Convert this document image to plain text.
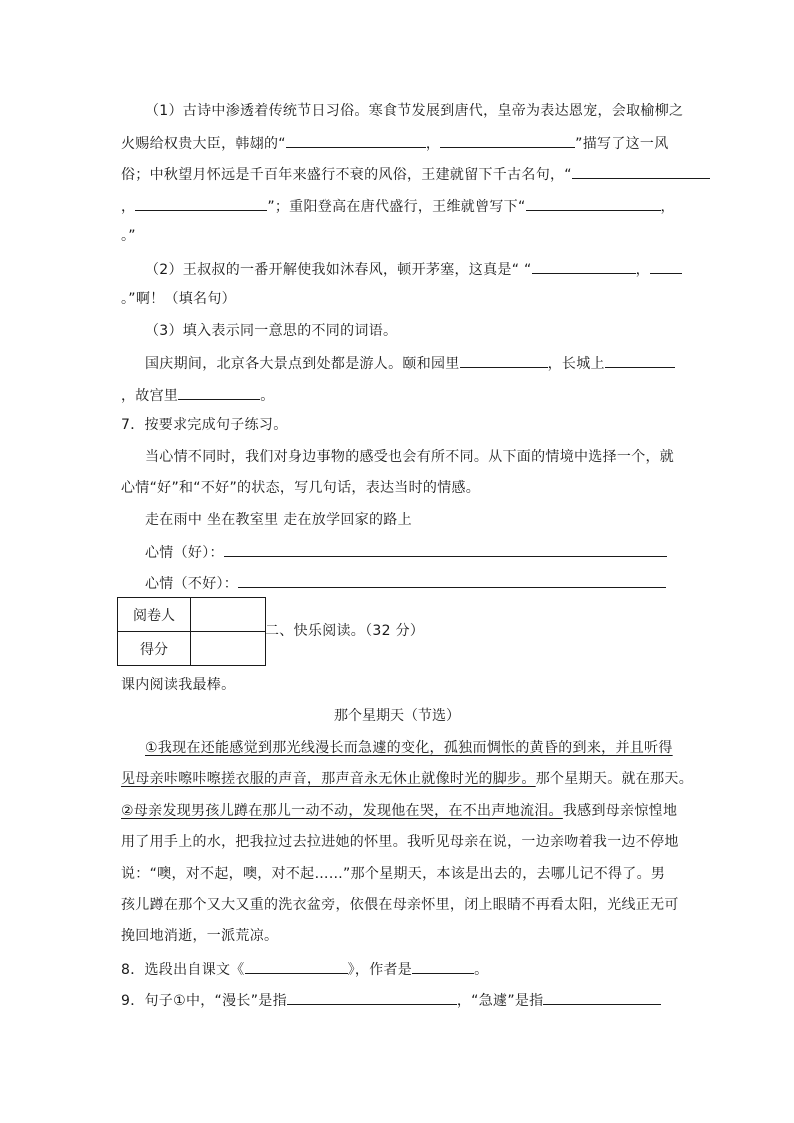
（1）古诗中渗透着传统节日习俗。寒食节发展到唐代，皇帝为表达恩宠，会取榆柳之
火赐给权贵大臣，韩翃的“	，	”描写了这一风
俗；中秋望月怀远是千百年来盛行不衰的风俗，王建就留下千古名句，“
，	”；重阳登高在唐代盛行，王维就曾写下“	，
。”
（2）王叔叔的一番开解使我如沐春风，顿开茅塞，这真是“ “	，
。”啊！（填名句）
（3）填入表示同一意思的不同的词语。
国庆期间，北京各大景点到处都是游人。颐和园里	，长城上
，故宫里	。
7．按要求完成句子练习。
当心情不同时，我们对身边事物的感受也会有所不同。从下面的情境中选择一个，就
心情“好”和“不好”的状态，写几句话，表达当时的情感。
走在雨中 坐在教室里 走在放学回家的路上
心情（好）：
心情（不好）：
阅卷人	
得分	
二、快乐阅读。（32 分）
课内阅读我最棒。
那个星期天（节选）
①我现在还能感觉到那光线漫长而急遽的变化，孤独而惆怅的黄昏的到来，并且听得
见母亲咔嚓咔嚓搓衣服的声音，那声音永无休止就像时光的脚步。那个星期天。就在那天。
②母亲发现男孩儿蹲在那儿一动不动，发现他在哭，在不出声地流泪。我感到母亲惊惶地
用了用手上的水，把我拉过去拉进她的怀里。我听见母亲在说，一边亲吻着我一边不停地
说：“噢，对不起，噢，对不起……”那个星期天，本该是出去的，去哪儿记不得了。男
孩儿蹲在那个又大又重的洗衣盆旁，依偎在母亲怀里，闭上眼睛不再看太阳，光线正无可
挽回地消逝，一派荒凉。
8．选段出自课文《	》，作者是	。
9．句子①中，“漫长”是指	，“急遽”是指
